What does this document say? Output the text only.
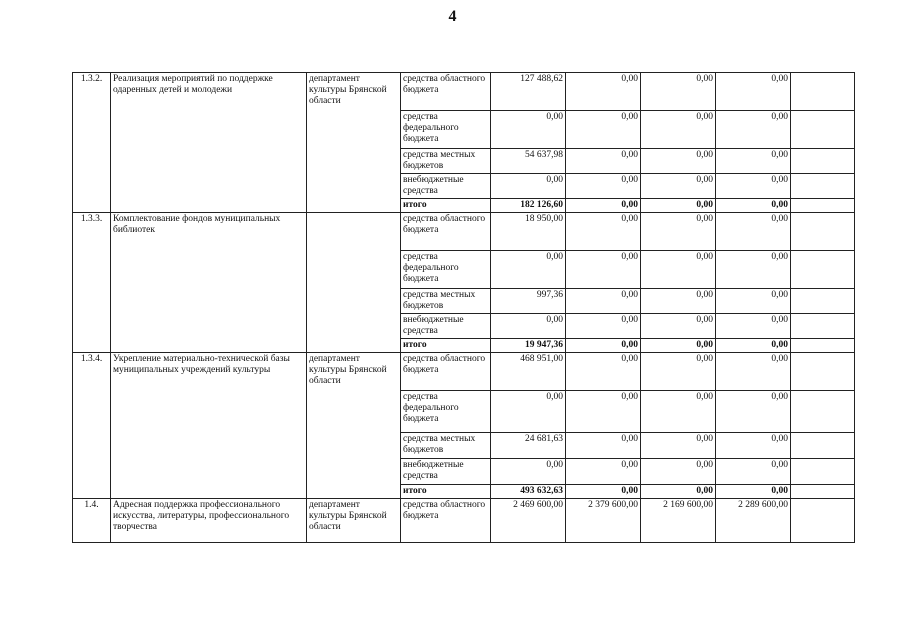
4
1.3.2.	Реализация мероприятий по поддержке одаренных детей и молодежи	департамент культуры Брянской области	средства областного бюджета	127 488,62	0,00	0,00	0,00	
			средства федерального бюджета	0,00	0,00	0,00	0,00	
			средства местных бюджетов	54 637,98	0,00	0,00	0,00	
			внебюджетные средства	0,00	0,00	0,00	0,00	
			итого	182 126,60	0,00	0,00	0,00	
1.3.3.	Комплектование фондов муниципальных библиотек		средства областного бюджета	18 950,00	0,00	0,00	0,00	
			средства федерального бюджета	0,00	0,00	0,00	0,00	
			средства местных бюджетов	997,36	0,00	0,00	0,00	
			внебюджетные средства	0,00	0,00	0,00	0,00	
			итого	19 947,36	0,00	0,00	0,00	
1.3.4.	Укрепление материально-технической базы муниципальных учреждений культуры	департамент культуры Брянской области	средства областного бюджета	468 951,00	0,00	0,00	0,00	
			средства федерального бюджета	0,00	0,00	0,00	0,00	
			средства местных бюджетов	24 681,63	0,00	0,00	0,00	
			внебюджетные средства	0,00	0,00	0,00	0,00	
			итого	493 632,63	0,00	0,00	0,00	
1.4.	Адресная поддержка профессионального искусства, литературы, профессионального творчества	департамент культуры Брянской области	средства областного бюджета	2 469 600,00	2 379 600,00	2 169 600,00	2 289 600,00	
